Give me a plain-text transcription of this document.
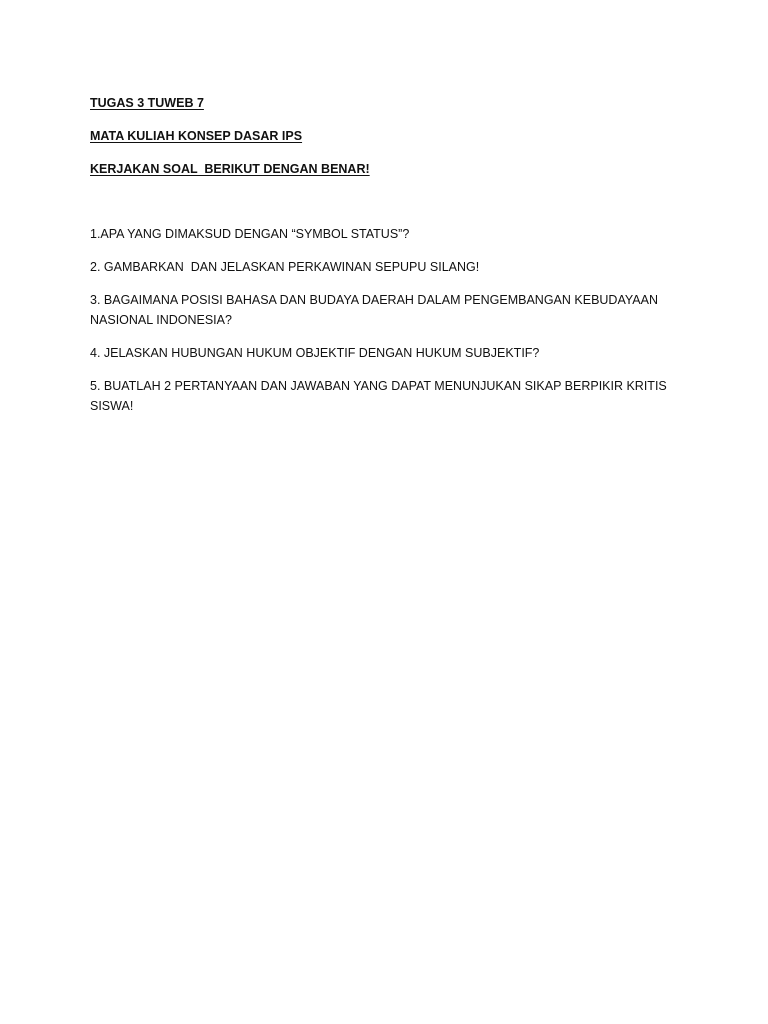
TUGAS 3 TUWEB 7

MATA KULIAH KONSEP DASAR IPS

KERJAKAN SOAL  BERIKUT DENGAN BENAR!

1.APA YANG DIMAKSUD DENGAN “SYMBOL STATUS”?

2. GAMBARKAN  DAN JELASKAN PERKAWINAN SEPUPU SILANG!

3. BAGAIMANA POSISI BAHASA DAN BUDAYA DAERAH DALAM PENGEMBANGAN KEBUDAYAAN NASIONAL INDONESIA?

4. JELASKAN HUBUNGAN HUKUM OBJEKTIF DENGAN HUKUM SUBJEKTIF?

5. BUATLAH 2 PERTANYAAN DAN JAWABAN YANG DAPAT MENUNJUKAN SIKAP BERPIKIR KRITIS SISWA!
